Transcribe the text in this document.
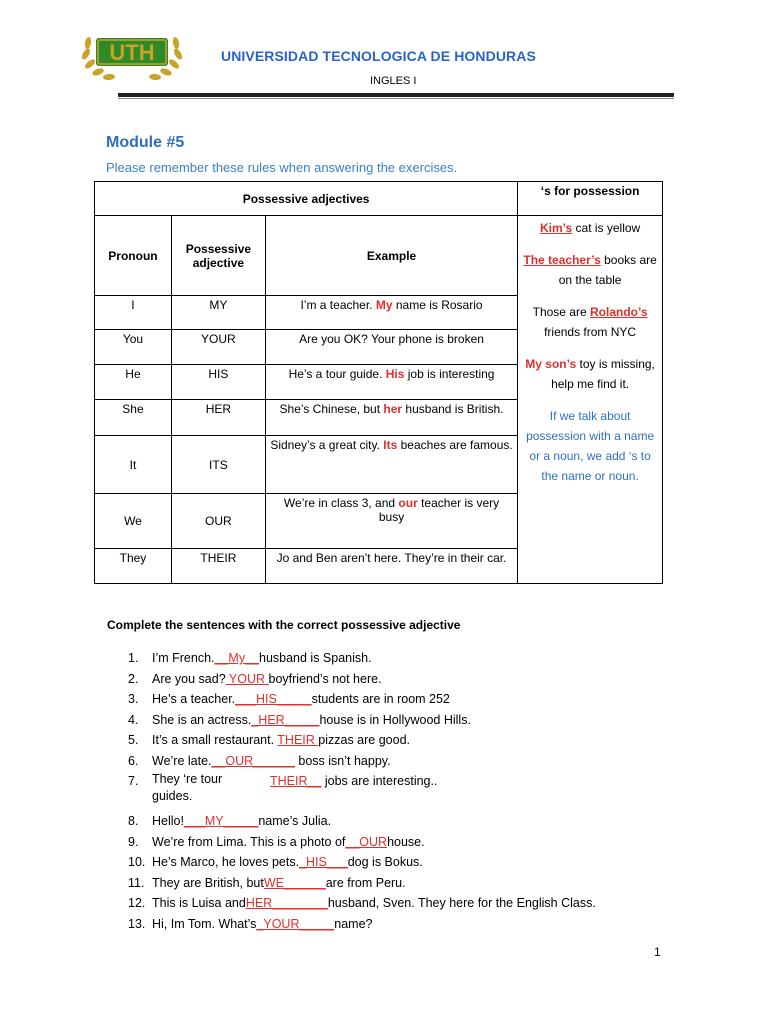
UTH	UNIVERSIDAD TECNOLOGICA DE HONDURAS
INGLES I
Module #5
Please remember these rules when answering the exercises.
Possessive adjectives			‘s for possession
Pronoun	Possessive adjective	Example	Kim’s cat is yellow

The teacher’s books are on the table

Those are Rolando’s friends from NYC

My son’s toy is missing, help me find it.

If we talk about possession with a name or a noun, we add ‘s to the name or noun.

I	MY	I’m a teacher. My name is Rosario	
You	YOUR	Are you OK? Your phone is broken	
He	HIS	He’s a tour guide. His job is interesting	
She	HER	She’s Chinese, but her husband is British.	
It	ITS	Sidney’s a great city. Its beaches are famous.	
We	OUR	We’re in class 3, and our teacher is very busy	
They	THEIR	Jo and Ben aren’t here. They’re in their car.	
Complete the sentences with the correct possessive adjective
1. I’m French.__My__husband is Spanish.
2. Are you sad? YOUR boyfriend’s not here.
3. He’s a teacher.___HIS_____students are in room 252
4. She is an actress._HER_____house is in Hollywood Hills.
5. It’s a small restaurant. THEIR pizzas are good.
6. We’re late.__OUR______ boss isn’t happy.
7. They ‘re tour guides.THEIR__ jobs are interesting..
8. Hello!___MY_____name’s Julia.
9. We’re from Lima. This is a photo of__OURhouse.
10. He’s Marco, he loves pets._HIS___dog is Bokus.
11. They are British, butWE______are from Peru.
12. This is Luisa andHER________husband, Sven. They here for the English Class.
13. Hi, Im Tom. What’s_YOUR_____name?
1
